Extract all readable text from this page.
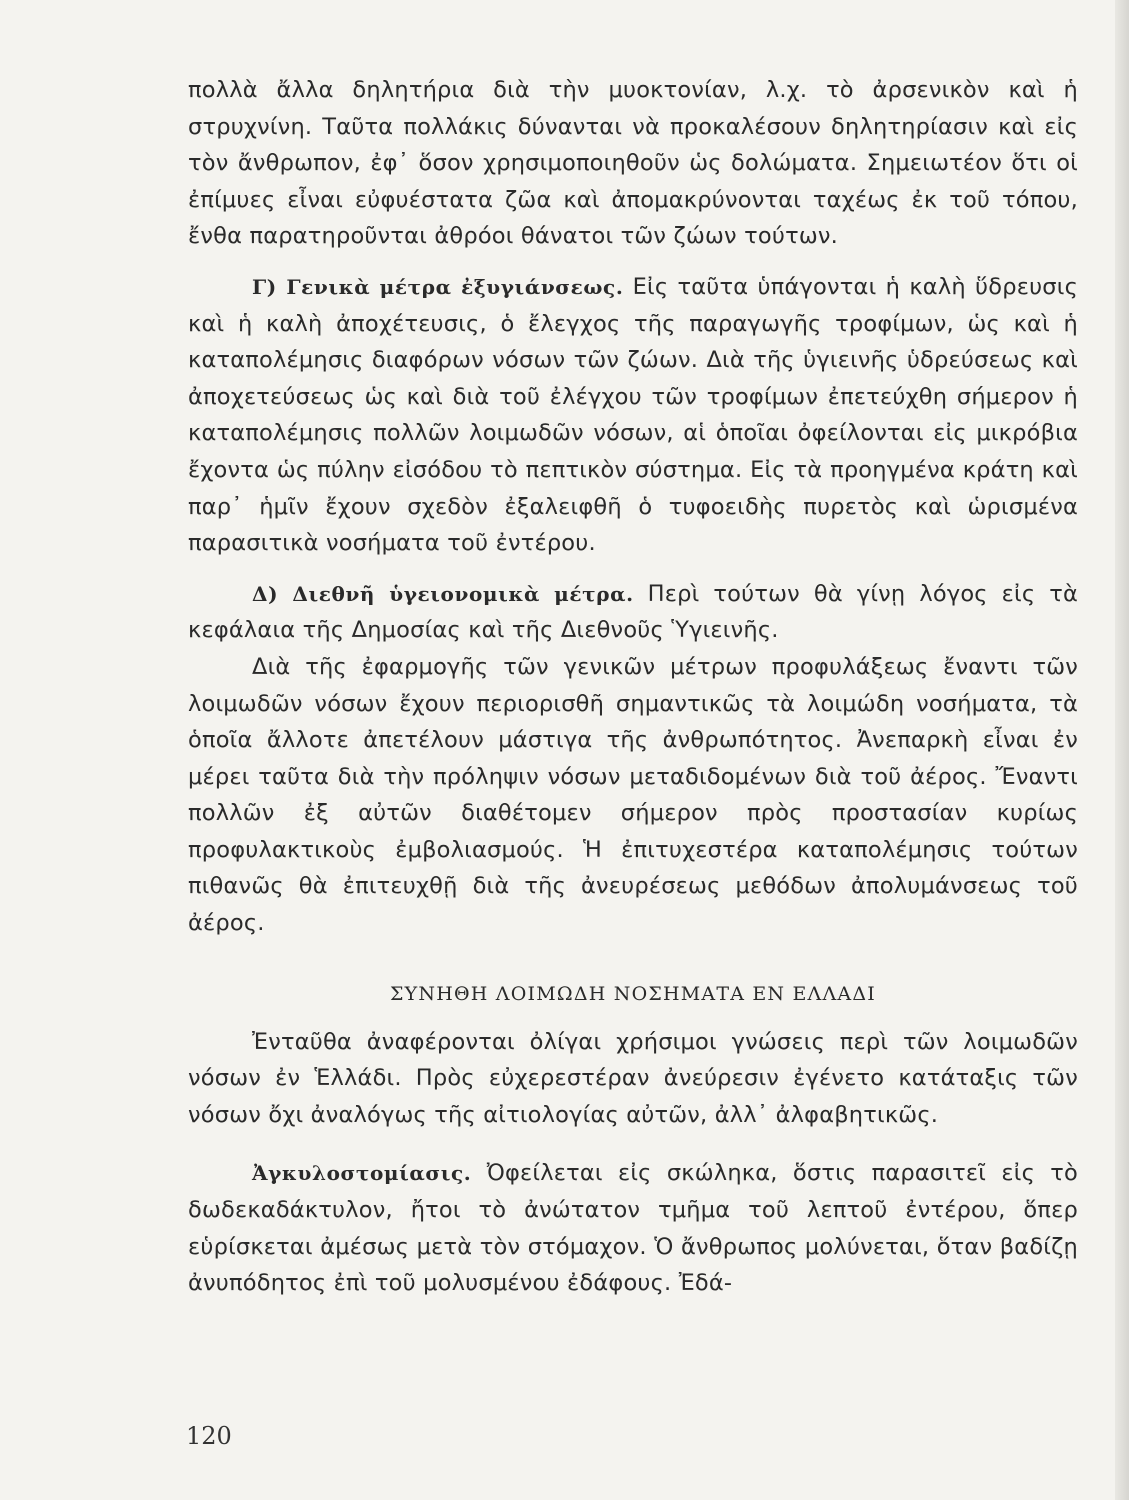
πολλὰ ἄλλα δηλητήρια διὰ τὴν μυοκτονίαν, λ.χ. τὸ ἀρσενικὸν καὶ ἡ στρυχνίνη. Ταῦτα πολλάκις δύνανται νὰ προκαλέσουν δηλητηρίασιν καὶ εἰς τὸν ἄνθρωπον, ἐφ᾽ ὅσον χρησιμοποιηθοῦν ὡς δολώματα. Σημειωτέον ὅτι οἱ ἐπίμυες εἶναι εὐφυέστατα ζῶα καὶ ἀπομακρύνονται ταχέως ἐκ τοῦ τόπου, ἔνθα παρατηροῦνται ἀθρόοι θάνατοι τῶν ζώων τούτων.

Γ) Γενικὰ μέτρα ἐξυγιάνσεως. Εἰς ταῦτα ὑπάγονται ἡ καλὴ ὕδρευσις καὶ ἡ καλὴ ἀποχέτευσις, ὁ ἔλεγχος τῆς παραγωγῆς τροφίμων, ὡς καὶ ἡ καταπολέμησις διαφόρων νόσων τῶν ζώων. Διὰ τῆς ὑγιεινῆς ὑδρεύσεως καὶ ἀποχετεύσεως ὡς καὶ διὰ τοῦ ἐλέγχου τῶν τροφίμων ἐπετεύχθη σήμερον ἡ καταπολέμησις πολλῶν λοιμωδῶν νόσων, αἱ ὁποῖαι ὀφείλονται εἰς μικρόβια ἔχοντα ὡς πύλην εἰσόδου τὸ πεπτικὸν σύστημα. Εἰς τὰ προηγμένα κράτη καὶ παρ᾽ ἡμῖν ἔχουν σχεδὸν ἐξαλειφθῆ ὁ τυφοειδὴς πυρετὸς καὶ ὡρισμένα παρασιτικὰ νοσήματα τοῦ ἐντέρου.

Δ) Διεθνῆ ὑγειονομικὰ μέτρα. Περὶ τούτων θὰ γίνῃ λόγος εἰς τὰ κεφάλαια τῆς Δημοσίας καὶ τῆς Διεθνοῦς Ὑγιεινῆς.

Διὰ τῆς ἐφαρμογῆς τῶν γενικῶν μέτρων προφυλάξεως ἔναντι τῶν λοιμωδῶν νόσων ἔχουν περιορισθῆ σημαντικῶς τὰ λοιμώδη νοσήματα, τὰ ὁποῖα ἄλλοτε ἀπετέλουν μάστιγα τῆς ἀνθρωπότητος. Ἀνεπαρκὴ εἶναι ἐν μέρει ταῦτα διὰ τὴν πρόληψιν νόσων μεταδιδομένων διὰ τοῦ ἀέρος. Ἔναντι πολλῶν ἐξ αὐτῶν διαθέτομεν σήμερον πρὸς προστασίαν κυρίως προφυλακτικοὺς ἐμβολιασμούς. Ἡ ἐπιτυχεστέρα καταπολέμησις τούτων πιθανῶς θὰ ἐπιτευχθῇ διὰ τῆς ἀνευρέσεως μεθόδων ἀπολυμάνσεως τοῦ ἀέρος.

ΣΥΝΗΘΗ ΛΟΙΜΩΔΗ ΝΟΣΗΜΑΤΑ ΕΝ ΕΛΛΑΔΙ

Ἐνταῦθα ἀναφέρονται ὀλίγαι χρήσιμοι γνώσεις περὶ τῶν λοιμωδῶν νόσων ἐν Ἑλλάδι. Πρὸς εὐχερεστέραν ἀνεύρεσιν ἐγένετο κατάταξις τῶν νόσων ὄχι ἀναλόγως τῆς αἰτιολογίας αὐτῶν, ἀλλ᾽ ἀλφαβητικῶς.

Ἀγκυλοστομίασις. Ὀφείλεται εἰς σκώληκα, ὅστις παρασιτεῖ εἰς τὸ δωδεκαδάκτυλον, ἤτοι τὸ ἀνώτατον τμῆμα τοῦ λεπτοῦ ἐντέρου, ὅπερ εὑρίσκεται ἀμέσως μετὰ τὸν στόμαχον. Ὁ ἄνθρωπος μολύνεται, ὅταν βαδίζῃ ἀνυπόδητος ἐπὶ τοῦ μολυσμένου ἐδάφους. Ἐδά-

120
